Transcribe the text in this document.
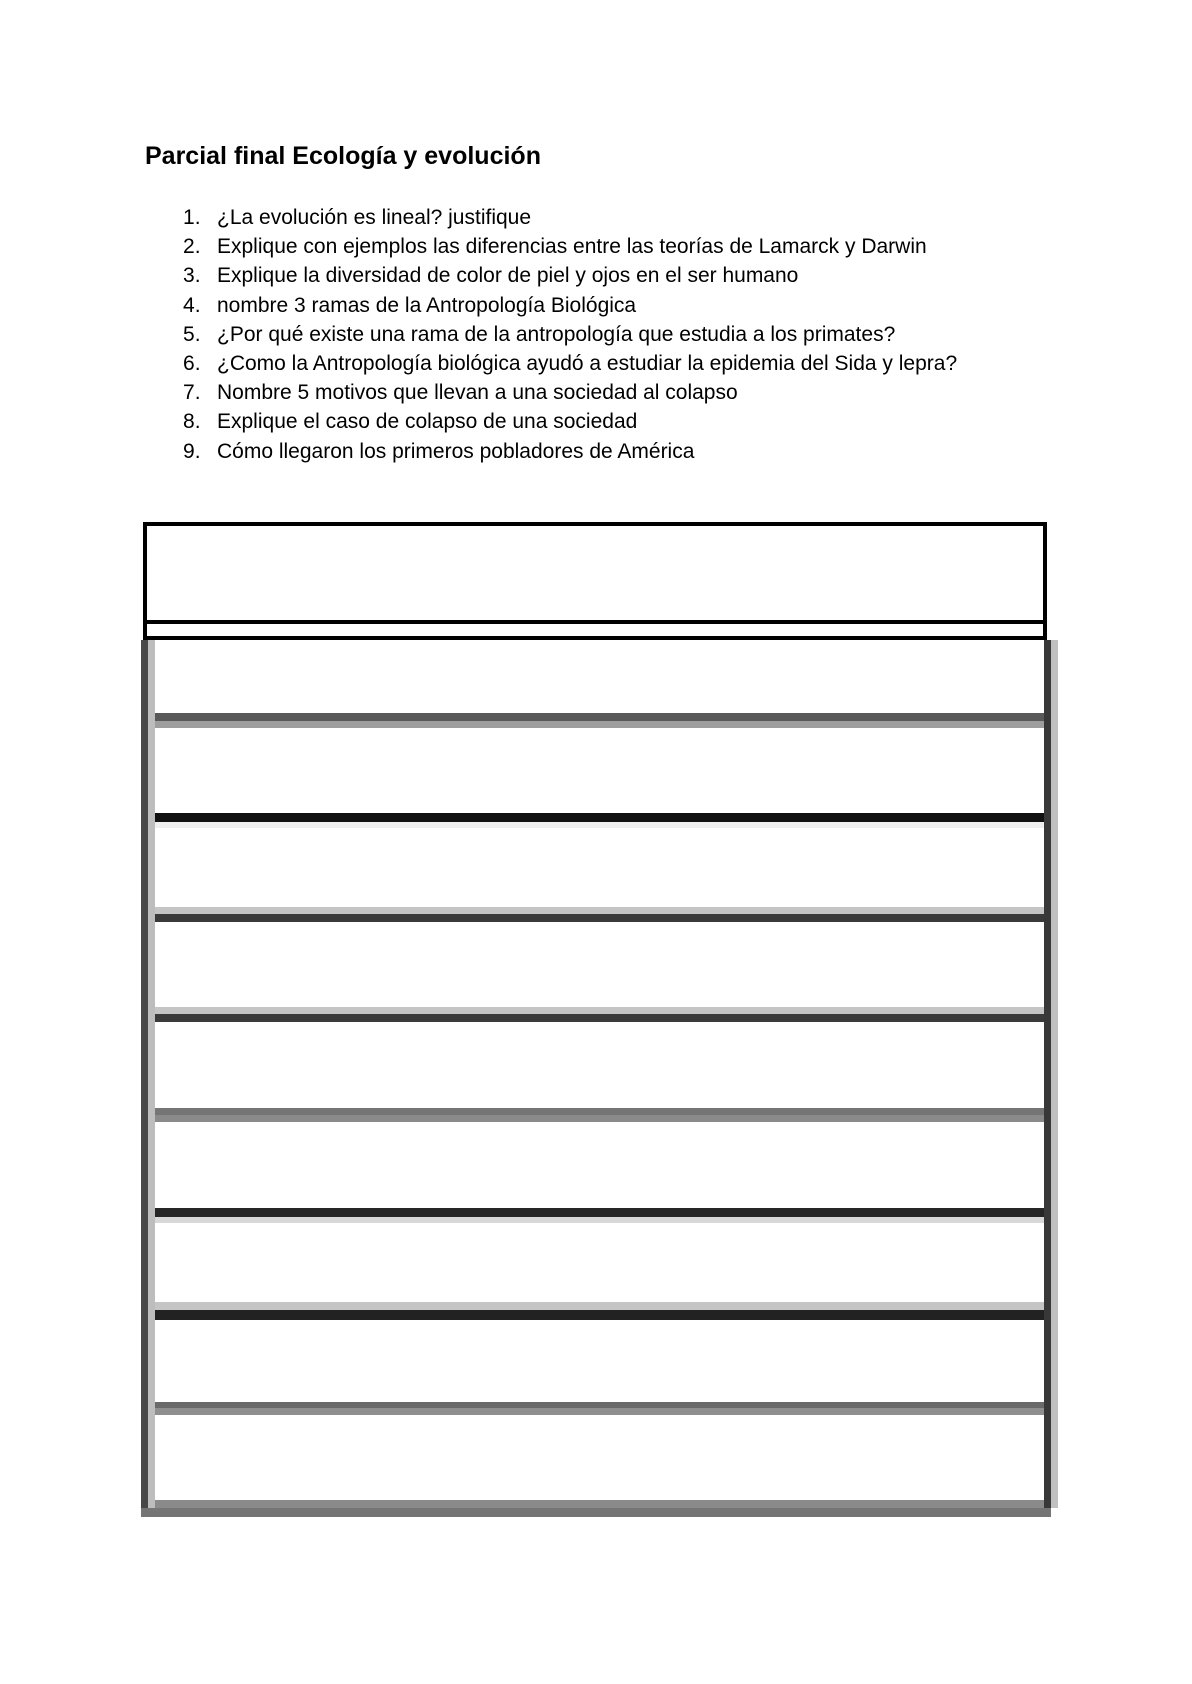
Parcial final Ecología y evolución
¿La evolución es lineal? justifique
Explique con ejemplos las diferencias entre las teorías de Lamarck y Darwin
Explique la diversidad de color de piel y ojos en el ser humano
nombre 3 ramas de la Antropología Biológica
¿Por qué existe una rama de la antropología que estudia a los primates?
¿Como la Antropología biológica ayudó a estudiar la epidemia del Sida y lepra?
Nombre 5 motivos que llevan a una sociedad al colapso
Explique el caso de colapso de una sociedad
Cómo llegaron los primeros pobladores de América
